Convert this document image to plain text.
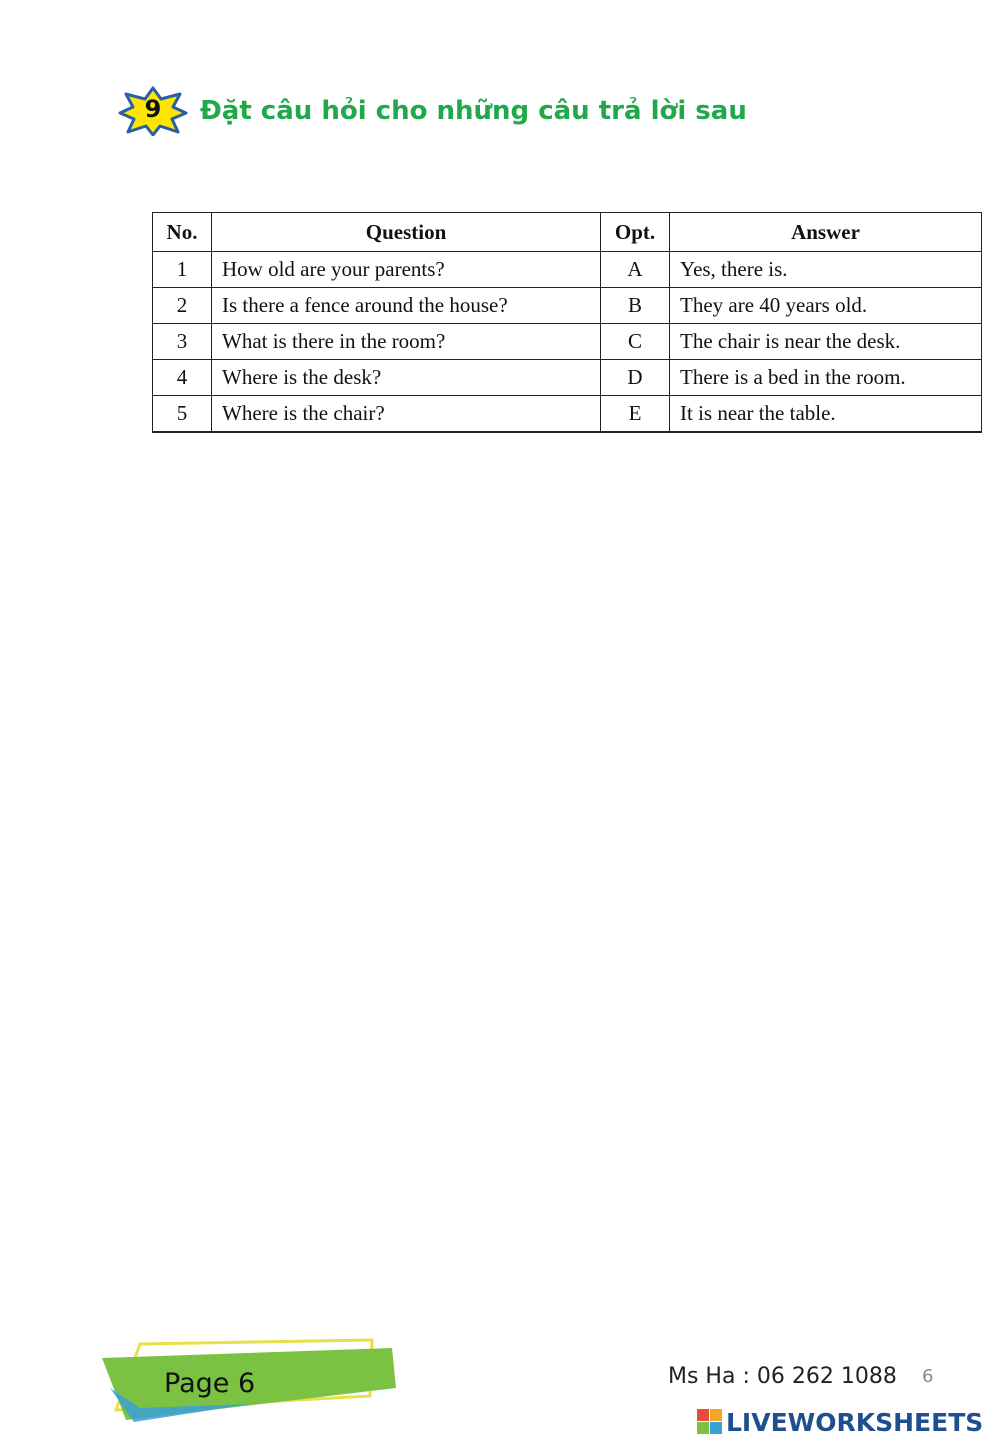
9	Đặt câu hỏi cho những câu trả lời sau
No.	Question	Opt.	Answer
1	How old are your parents?	A	Yes, there is.
2	Is there a fence around the house?	B	They are 40 years old.
3	What is there in the room?	C	The chair is near the desk.
4	Where is the desk?	D	There is a bed in the room.
5	Where is the chair?	E	It is near the table.
Page 6	Ms Ha : 06 262 1088 6
LIVEWORKSHEETS
